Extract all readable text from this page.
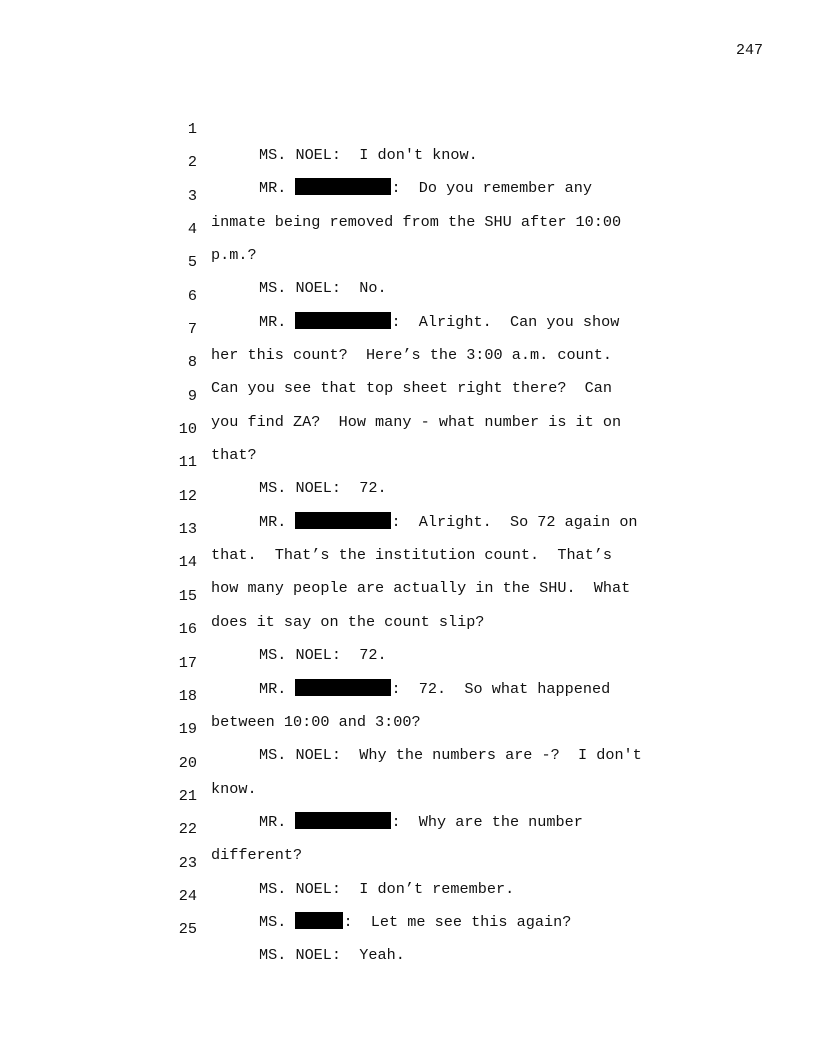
247

1

MS. NOEL:  I don't know.

2

MR.	:  Do you remember any

3

inmate being removed from the SHU after 10:00

4

p.m.?

5

MS. NOEL:  No.

6

MR.	:  Alright.  Can you show

7

her this count?  Here’s the 3:00 a.m. count.

8

Can you see that top sheet right there?  Can

9

you find ZA?  How many - what number is it on

10

that?

11

MS. NOEL:  72.

12

MR.	:  Alright.  So 72 again on

13

that.  That’s the institution count.  That’s

14

how many people are actually in the SHU.  What

15

does it say on the count slip?

16

MS. NOEL:  72.

17

MR.	:  72.  So what happened

18

between 10:00 and 3:00?

19

MS. NOEL:  Why the numbers are -?  I don't

20

know.

21

MR.	:  Why are the number

22

different?

23

MS. NOEL:  I don’t remember.

24

MS.	:  Let me see this again?

25

MS. NOEL:  Yeah.
